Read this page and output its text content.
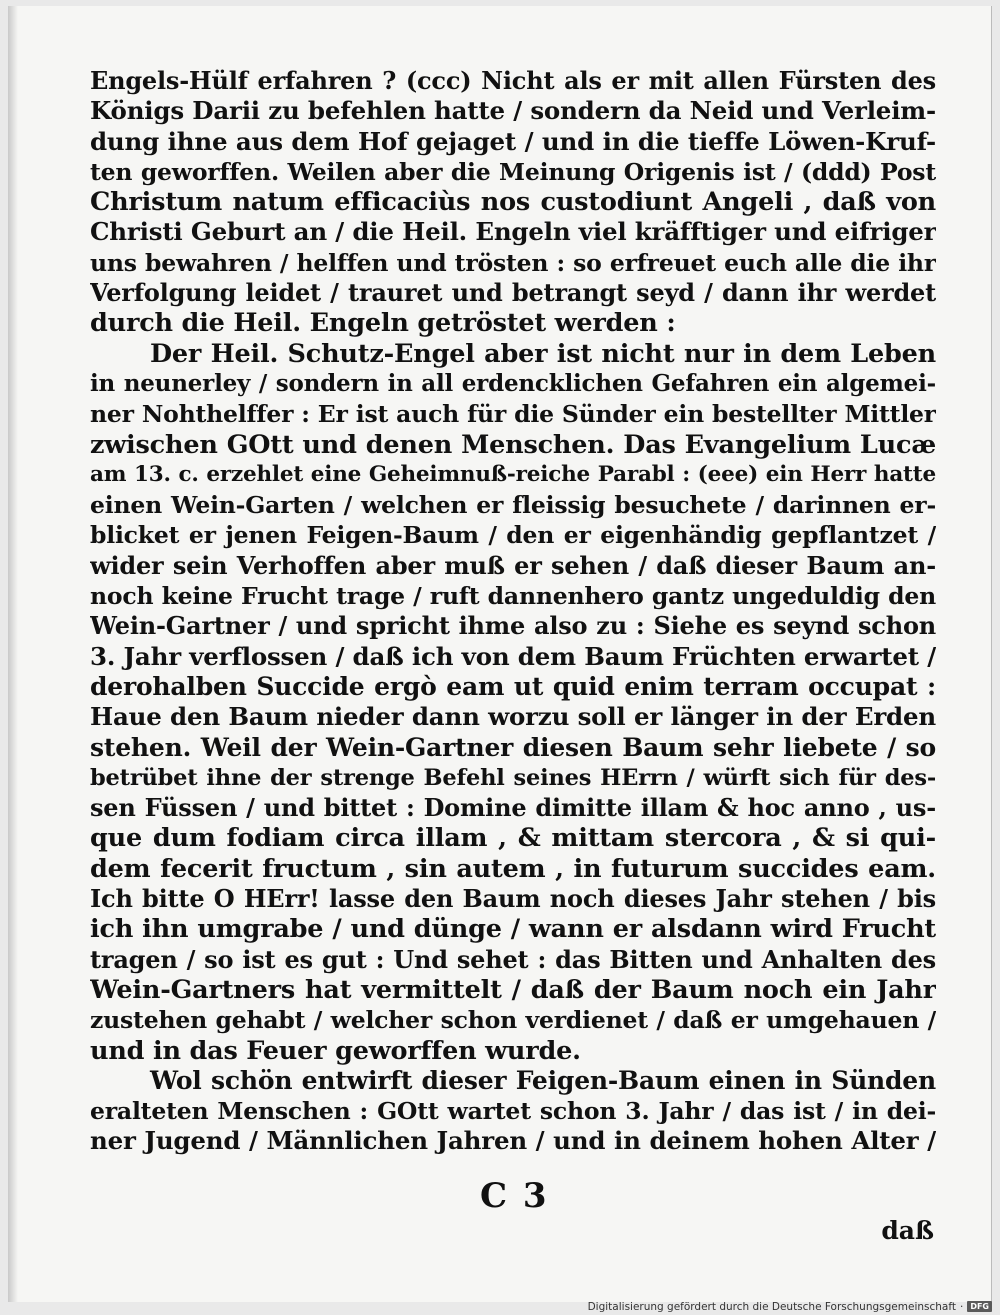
Engels‑Hülf erfahren ? (ccc) Nicht als er mit allen Fürsten des
Königs Darii zu befehlen hatte / sondern da Neid und Verleim-
dung ihne aus dem Hof gejaget / und in die tieffe Löwen‑Kruf-
ten geworffen. Weilen aber die Meinung Origenis ist / (ddd) Post
Christum natum efficaciùs nos custodiunt Angeli , daß von
Christi Geburt an / die Heil. Engeln viel kräfftiger und eifriger
uns bewahren / helffen und trösten : so erfreuet euch alle die ihr
Verfolgung leidet / trauret und betrangt seyd / dann ihr werdet
durch die Heil. Engeln getröstet werden :
Der Heil. Schutz‑Engel aber ist nicht nur in dem Leben
in neunerley / sondern in all erdencklichen Gefahren ein algemei-
ner Nohthelffer : Er ist auch für die Sünder ein bestellter Mittler
zwischen GOtt und denen Menschen. Das Evangelium Lucæ
am 13. c. erzehlet eine Geheimnuß‑reiche Parabl : (eee) ein Herr hatte
einen Wein‑Garten / welchen er fleissig besuchete / darinnen er-
blicket er jenen Feigen‑Baum / den er eigenhändig gepflantzet /
wider sein Verhoffen aber muß er sehen / daß dieser Baum an-
noch keine Frucht trage / ruft dannenhero gantz ungeduldig den
Wein‑Gartner / und spricht ihme also zu : Siehe es seynd schon
3. Jahr verflossen / daß ich von dem Baum Früchten erwartet /
derohalben Succide ergò eam ut quid enim terram occupat :
Haue den Baum nieder dann worzu soll er länger in der Erden
stehen. Weil der Wein‑Gartner diesen Baum sehr liebete / so
betrübet ihne der strenge Befehl seines HErrn / würft sich für des-
sen Füssen / und bittet : Domine dimitte illam & hoc anno , us-
que dum fodiam circa illam , & mittam stercora , & si qui-
dem fecerit fructum , sin autem , in futurum succides eam.
Ich bitte O HErr! lasse den Baum noch dieses Jahr stehen / bis
ich ihn umgrabe / und dünge / wann er alsdann wird Frucht
tragen / so ist es gut : Und sehet : das Bitten und Anhalten des
Wein‑Gartners hat vermittelt / daß der Baum noch ein Jahr
zustehen gehabt / welcher schon verdienet / daß er umgehauen /
und in das Feuer geworffen wurde.
Wol schön entwirft dieser Feigen‑Baum einen in Sünden
eralteten Menschen : GOtt wartet schon 3. Jahr / das ist / in dei-
ner Jugend / Männlichen Jahren / und in deinem hohen Alter /
C 3
daß
Digitalisierung gefördert durch die Deutsche Forschungsgemeinschaft · DFG
